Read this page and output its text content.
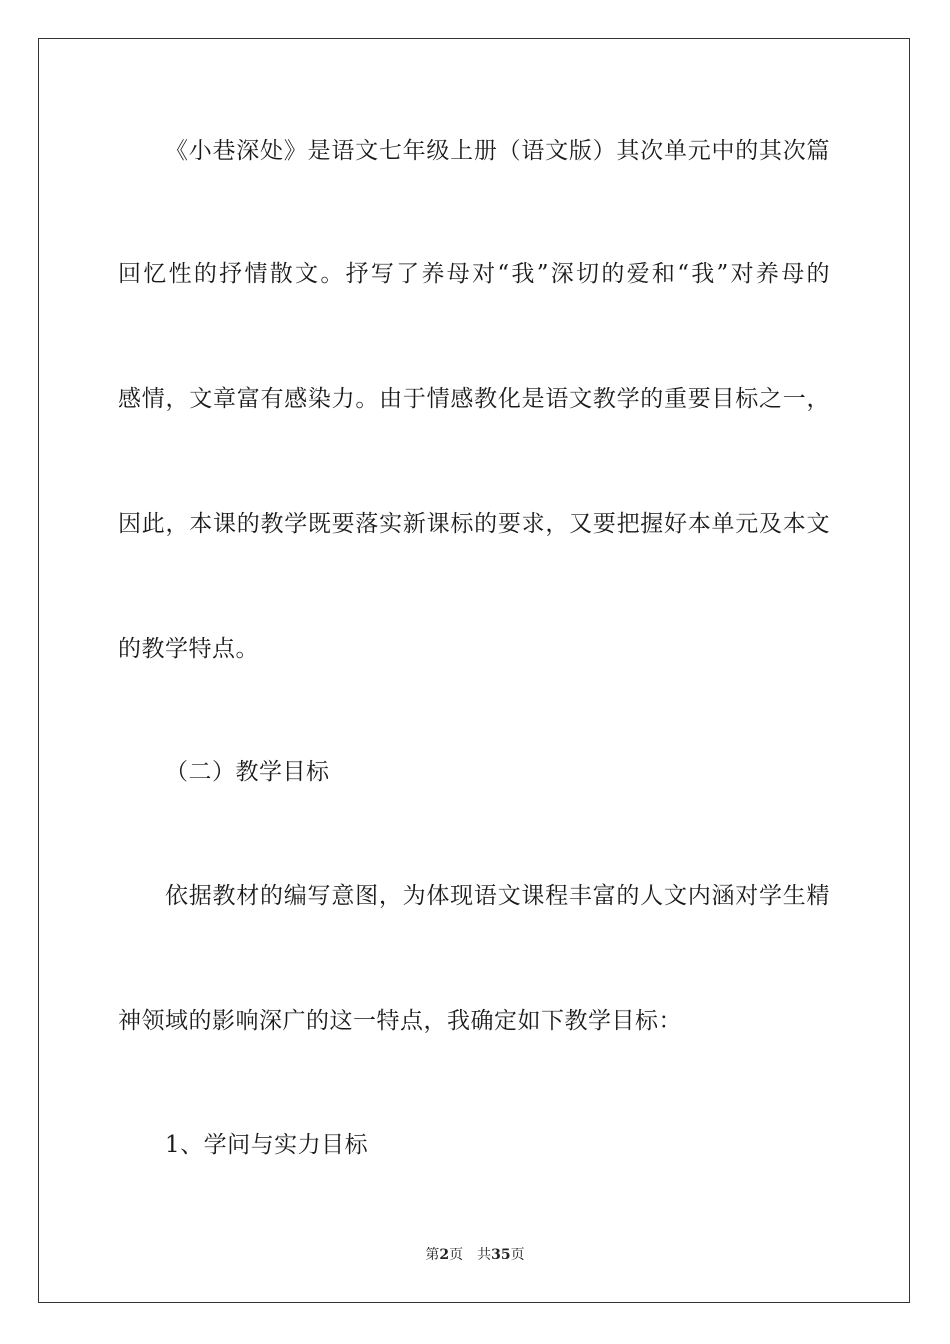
《小巷深处》是语文七年级上册（语文版）其次单元中的其次篇
回忆性的抒情散文。抒写了养母对“我”深切的爱和“我”对养母的
感情，文章富有感染力。由于情感教化是语文教学的重要目标之一，
因此，本课的教学既要落实新课标的要求，又要把握好本单元及本文
的教学特点。
（二）教学目标
依据教材的编写意图，为体现语文课程丰富的人文内涵对学生精
神领域的影响深广的这一特点，我确定如下教学目标：
1、学问与实力目标
第2页 共35页
